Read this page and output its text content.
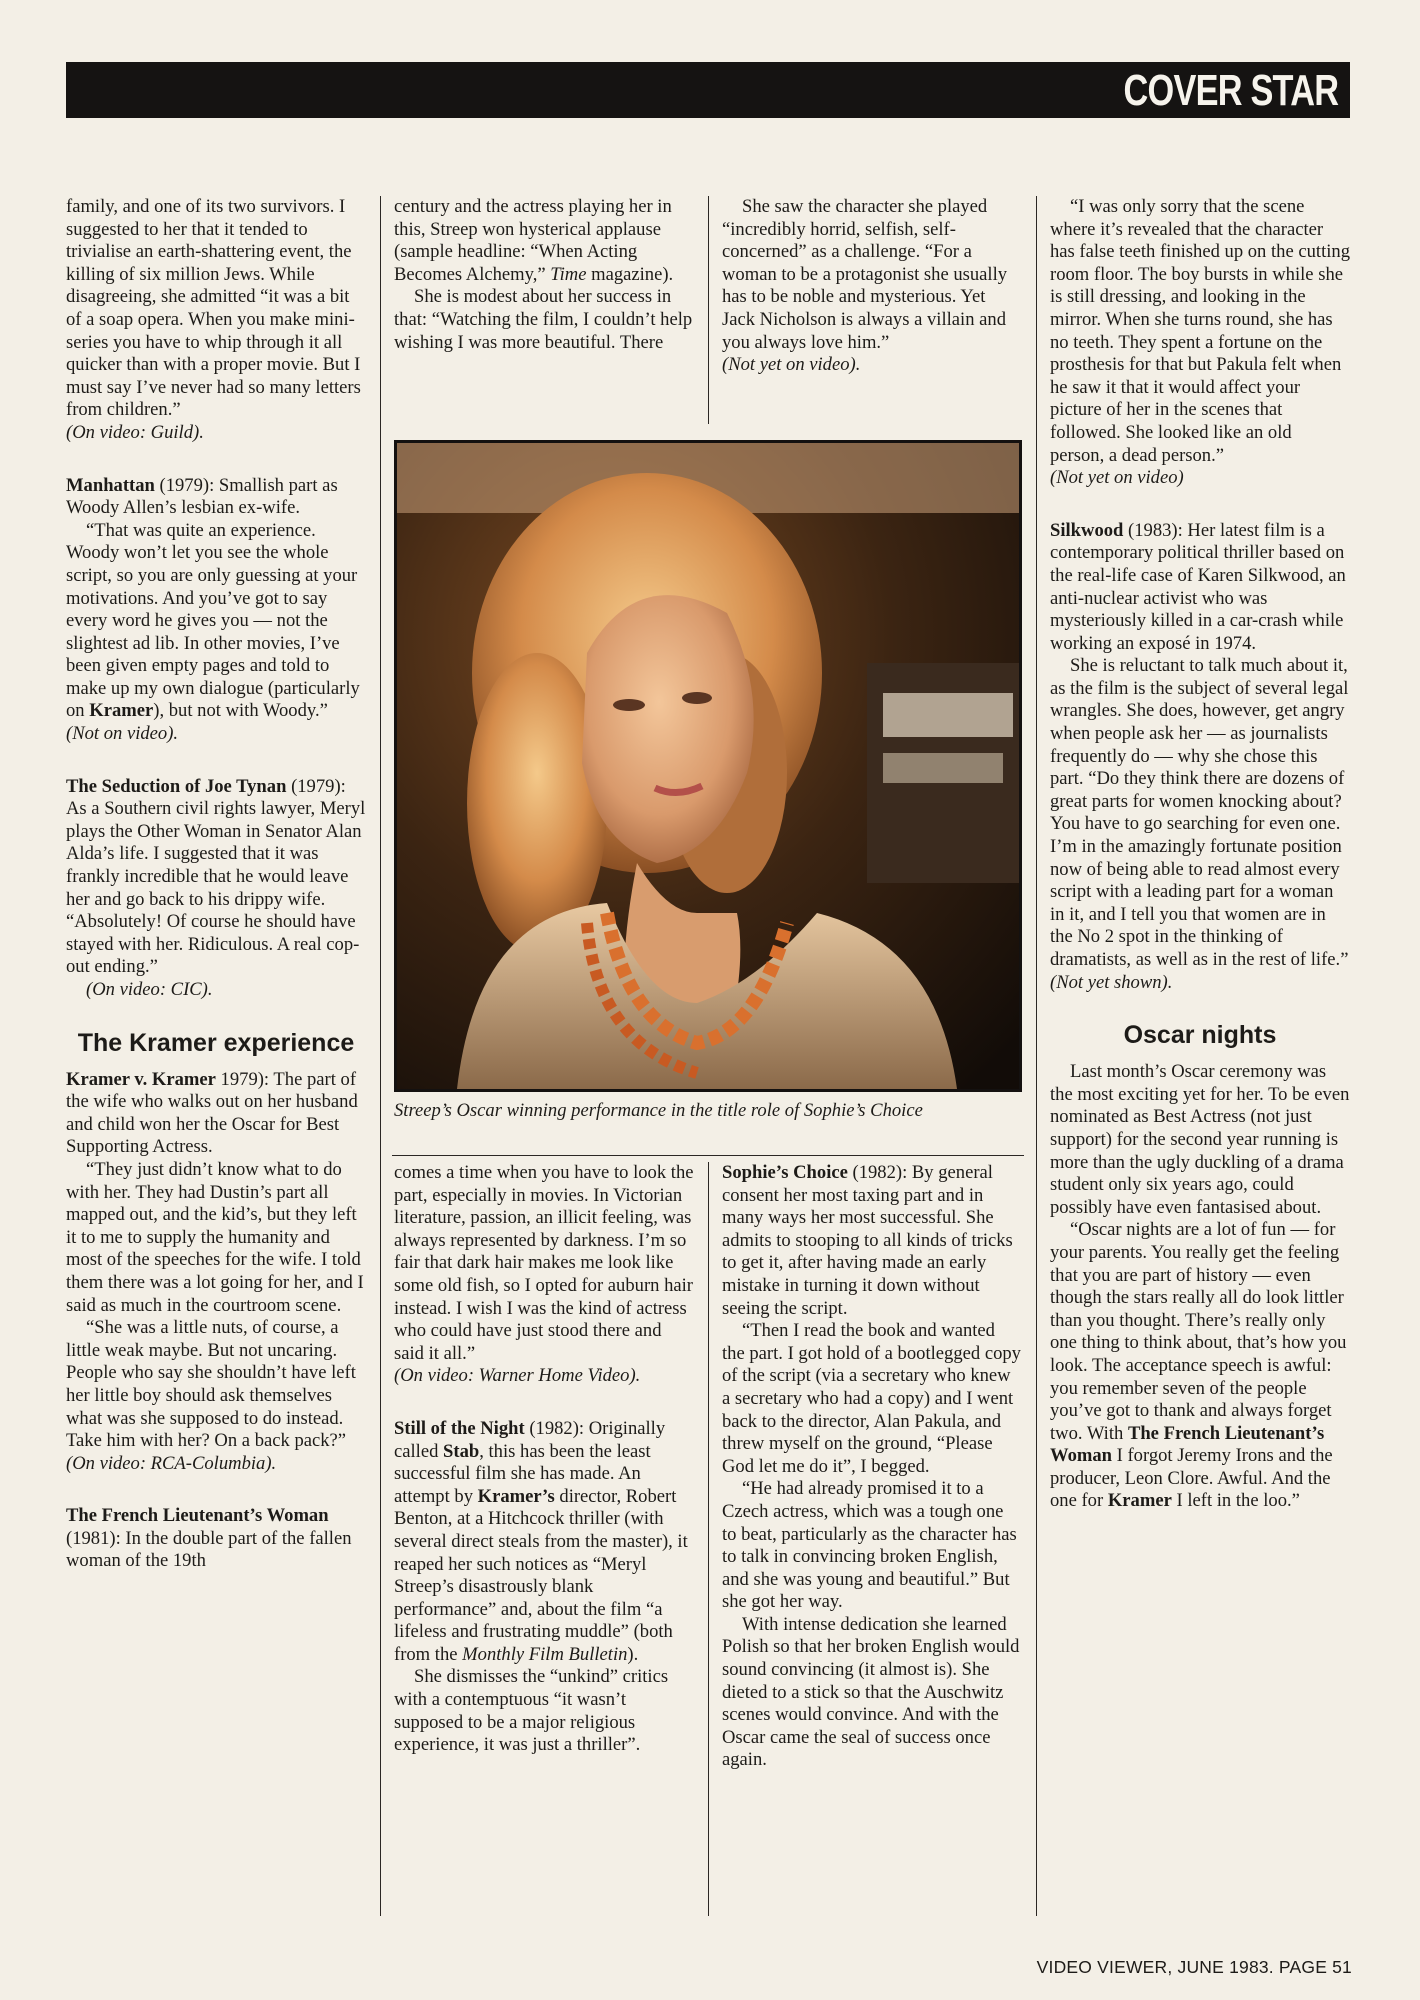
COVER STAR

family, and one of its two survivors. I suggested to her that it tended to trivialise an earth-shattering event, the killing of six million Jews. While disagreeing, she admitted “it was a bit of a soap opera. When you make mini-series you have to whip through it all quicker than with a proper movie. But I must say I’ve never had so many letters from children.”

(On video: Guild).

Manhattan (1979): Smallish part as Woody Allen’s lesbian ex-wife.

“That was quite an experience. Woody won’t let you see the whole script, so you are only guessing at your motivations. And you’ve got to say every word he gives you — not the slightest ad lib. In other movies, I’ve been given empty pages and told to make up my own dialogue (particularly on Kramer), but not with Woody.”

(Not on video).

The Seduction of Joe Tynan (1979): As a Southern civil rights lawyer, Meryl plays the Other Woman in Senator Alan Alda’s life. I suggested that it was frankly incredible that he would leave her and go back to his drippy wife. “Absolutely! Of course he should have stayed with her. Ridiculous. A real cop-out ending.”

(On video: CIC).

The Kramer experience

Kramer v. Kramer 1979): The part of the wife who walks out on her husband and child won her the Oscar for Best Supporting Actress.

“They just didn’t know what to do with her. They had Dustin’s part all mapped out, and the kid’s, but they left it to me to supply the humanity and most of the speeches for the wife. I told them there was a lot going for her, and I said as much in the courtroom scene.

“She was a little nuts, of course, a little weak maybe. But not uncaring. People who say she shouldn’t have left her little boy should ask themselves what was she supposed to do instead. Take him with her? On a back pack?”

(On video: RCA-Columbia).

The French Lieutenant’s Woman (1981): In the double part of the fallen woman of the 19th

century and the actress playing her in this, Streep won hysterical applause (sample headline: “When Acting Becomes Alchemy,” Time magazine).

She is modest about her success in that: “Watching the film, I couldn’t help wishing I was more beautiful. There

She saw the character she played “incredibly horrid, selfish, self-concerned” as a challenge. “For a woman to be a protagonist she usually has to be noble and mysterious. Yet Jack Nicholson is always a villain and you always love him.”

(Not yet on video).

Streep’s Oscar winning performance in the title role of Sophie’s Choice

comes a time when you have to look the part, especially in movies. In Victorian literature, passion, an illicit feeling, was always represented by darkness. I’m so fair that dark hair makes me look like some old fish, so I opted for auburn hair instead. I wish I was the kind of actress who could have just stood there and said it all.”

(On video: Warner Home Video).

Still of the Night (1982): Originally called Stab, this has been the least successful film she has made. An attempt by Kramer’s director, Robert Benton, at a Hitchcock thriller (with several direct steals from the master), it reaped her such notices as “Meryl Streep’s disastrously blank performance” and, about the film “a lifeless and frustrating muddle” (both from the Monthly Film Bulletin).

She dismisses the “unkind” critics with a contemptuous “it wasn’t supposed to be a major religious experience, it was just a thriller”.

Sophie’s Choice (1982): By general consent her most taxing part and in many ways her most successful. She admits to stooping to all kinds of tricks to get it, after having made an early mistake in turning it down without seeing the script.

“Then I read the book and wanted the part. I got hold of a bootlegged copy of the script (via a secretary who knew a secretary who had a copy) and I went back to the director, Alan Pakula, and threw myself on the ground, “Please God let me do it”, I begged.

“He had already promised it to a Czech actress, which was a tough one to beat, particularly as the character has to talk in convincing broken English, and she was young and beautiful.” But she got her way.

With intense dedication she learned Polish so that her broken English would sound convincing (it almost is). She dieted to a stick so that the Auschwitz scenes would convince. And with the Oscar came the seal of success once again.

“I was only sorry that the scene where it’s revealed that the character has false teeth finished up on the cutting room floor. The boy bursts in while she is still dressing, and looking in the mirror. When she turns round, she has no teeth. They spent a fortune on the prosthesis for that but Pakula felt when he saw it that it would affect your picture of her in the scenes that followed. She looked like an old person, a dead person.”

(Not yet on video)

Silkwood (1983): Her latest film is a contemporary political thriller based on the real-life case of Karen Silkwood, an anti-nuclear activist who was mysteriously killed in a car-crash while working an exposé in 1974.

She is reluctant to talk much about it, as the film is the subject of several legal wrangles. She does, however, get angry when people ask her — as journalists frequently do — why she chose this part. “Do they think there are dozens of great parts for women knocking about? You have to go searching for even one. I’m in the amazingly fortunate position now of being able to read almost every script with a leading part for a woman in it, and I tell you that women are in the No 2 spot in the thinking of dramatists, as well as in the rest of life.”

(Not yet shown).

Oscar nights

Last month’s Oscar ceremony was the most exciting yet for her. To be even nominated as Best Actress (not just support) for the second year running is more than the ugly duckling of a drama student only six years ago, could possibly have even fantasised about.

“Oscar nights are a lot of fun — for your parents. You really get the feeling that you are part of history — even though the stars really all do look littler than you thought. There’s really only one thing to think about, that’s how you look. The acceptance speech is awful: you remember seven of the people you’ve got to thank and always forget two. With The French Lieutenant’s Woman I forgot Jeremy Irons and the producer, Leon Clore. Awful. And the one for Kramer I left in the loo.”

VIDEO VIEWER, JUNE 1983. PAGE 51
